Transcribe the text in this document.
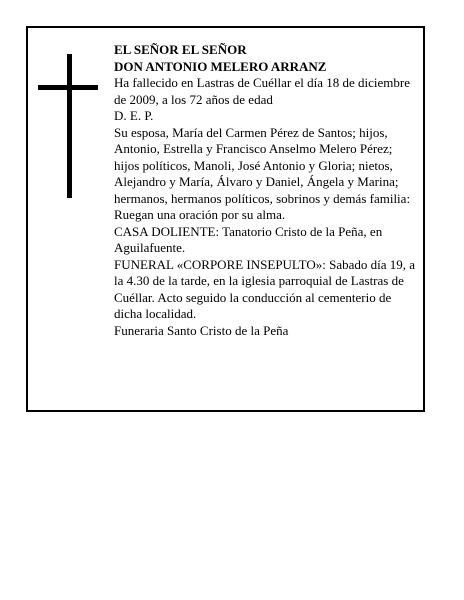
EL SEÑOR EL SEÑOR

DON ANTONIO MELERO ARRANZ

Ha fallecido en Lastras de Cuéllar el día 18 de diciembre de 2009, a los 72 años de edad

D. E. P.

Su esposa, María del Carmen Pérez de Santos; hijos, Antonio, Estrella y Francisco Anselmo Melero Pérez; hijos políticos, Manoli, José Antonio y Gloria; nietos, Alejandro y María, Álvaro y Daniel, Ángela y Marina; hermanos, hermanos políticos, sobrinos y demás familia:

Ruegan una oración por su alma.

CASA DOLIENTE: Tanatorio Cristo de la Peña, en Aguilafuente.

FUNERAL «CORPORE INSEPULTO»: Sabado día 19, a la 4.30 de la tarde, en la iglesia parroquial de Lastras de Cuéllar. Acto seguido la conducción al cementerio de dicha localidad.

Funeraria Santo Cristo de la Peña
